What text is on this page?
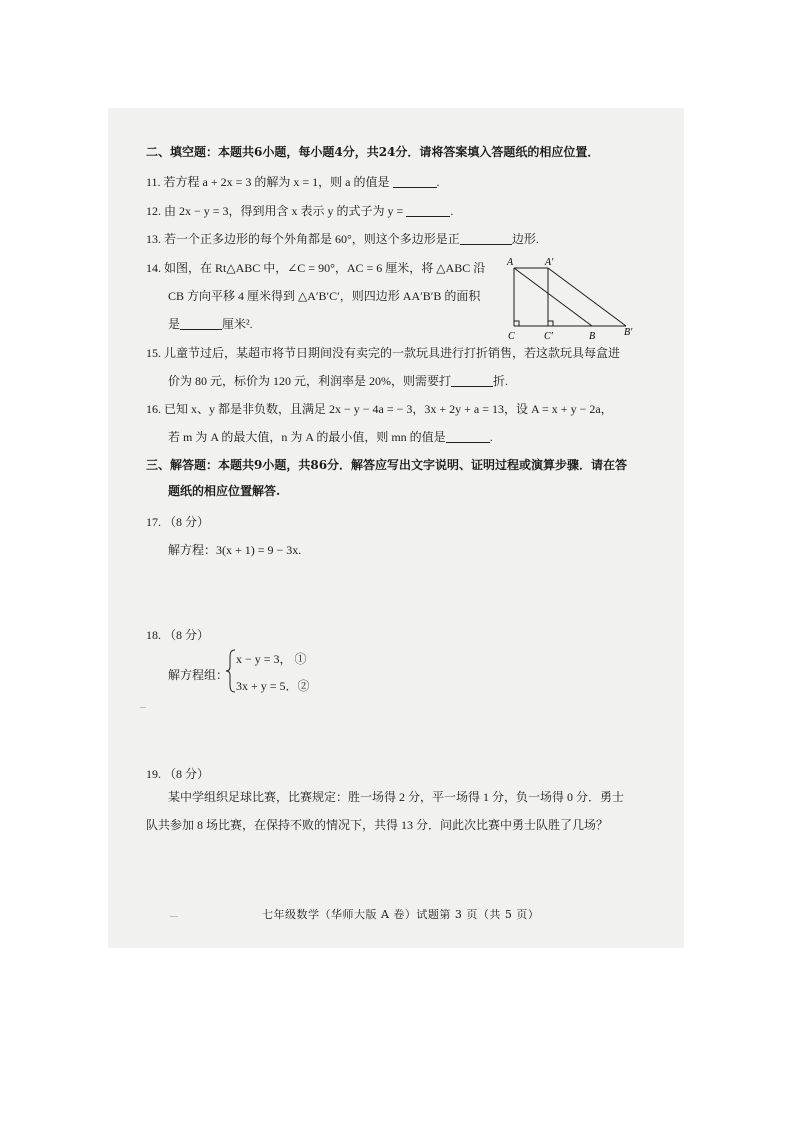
二、填空题：本题共6小题，每小题4分，共24分．请将答案填入答题纸的相应位置．
11. 若方程 a + 2x = 3 的解为 x = 1，则 a 的值是	.
12. 由 2x − y = 3，得到用含 x 表示 y 的式子为 y =	.
13. 若一个正多边形的每个外角都是 60°，则这个多边形是正	边形.
14. 如图，在 Rt△ABC 中，∠C = 90°，AC = 6 厘米，将 △ABC 沿
CB 方向平移 4 厘米得到 △A′B′C′，则四边形 AA′B′B 的面积
是	厘米².
A	A′
C	C′	B	B′
15. 儿童节过后，某超市将节日期间没有卖完的一款玩具进行打折销售，若这款玩具每盒进
价为 80 元，标价为 120 元，利润率是 20%，则需要打	折.
16. 已知 x、y 都是非负数，且满足 2x − y − 4a = − 3，3x + 2y + a = 13，设 A = x + y − 2a，
若 m 为 A 的最大值，n 为 A 的最小值，则 mn 的值是	.
三、解答题：本题共9小题，共86分．解答应写出文字说明、证明过程或演算步骤．请在答
题纸的相应位置解答.
17. （8 分）
解方程：3(x + 1) = 9 − 3x.
18. （8 分）
解方程组：
x − y = 3， ①
3x + y = 5．②
19. （8 分）
某中学组织足球比赛，比赛规定：胜一场得 2 分，平一场得 1 分，负一场得 0 分．勇士
队共参加 8 场比赛，在保持不败的情况下，共得 13 分．问此次比赛中勇士队胜了几场？
七年级数学（华师大版 A 卷）试题第 3 页（共 5 页）
